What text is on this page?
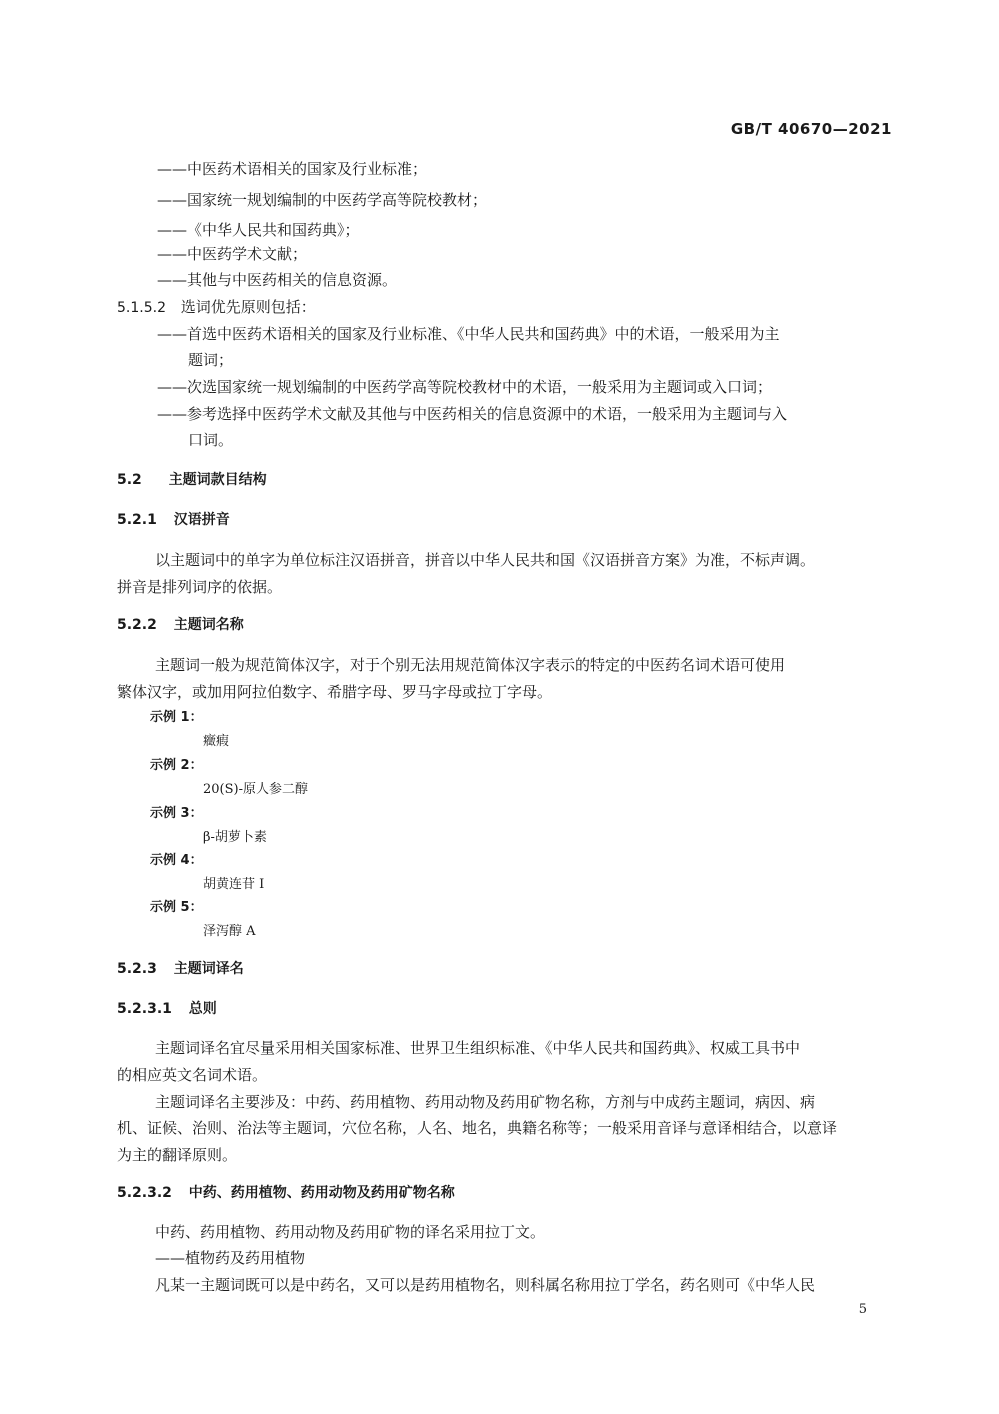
GB/T 40670—2021
——中医药术语相关的国家及行业标准；
——国家统一规划编制的中医药学高等院校教材；
——《中华人民共和国药典》；
——中医药学术文献；
——其他与中医药相关的信息资源。
5.1.5.2 选词优先原则包括：
——首选中医药术语相关的国家及行业标准、《中华人民共和国药典》中的术语，一般采用为主
题词；
——次选国家统一规划编制的中医药学高等院校教材中的术语，一般采用为主题词或入口词；
——参考选择中医药学术文献及其他与中医药相关的信息资源中的术语，一般采用为主题词与入
口词。
5.2 主题词款目结构
5.2.1 汉语拼音
以主题词中的单字为单位标注汉语拼音，拼音以中华人民共和国《汉语拼音方案》为准，不标声调。
拼音是排列词序的依据。
5.2.2 主题词名称
主题词一般为规范简体汉字，对于个别无法用规范简体汉字表示的特定的中医药名词术语可使用
繁体汉字，或加用阿拉伯数字、希腊字母、罗马字母或拉丁字母。
示例 1：
癥瘕
示例 2：
20(S)-原人参二醇
示例 3：
β-胡萝卜素
示例 4：
胡黄连苷 I
示例 5：
泽泻醇 A
5.2.3 主题词译名
5.2.3.1 总则
主题词译名宜尽量采用相关国家标准、世界卫生组织标准、《中华人民共和国药典》、权威工具书中
的相应英文名词术语。
主题词译名主要涉及：中药、药用植物、药用动物及药用矿物名称，方剂与中成药主题词，病因、病
机、证候、治则、治法等主题词，穴位名称，人名、地名，典籍名称等；一般采用音译与意译相结合，以意译
为主的翻译原则。
5.2.3.2 中药、药用植物、药用动物及药用矿物名称
中药、药用植物、药用动物及药用矿物的译名采用拉丁文。
——植物药及药用植物
凡某一主题词既可以是中药名，又可以是药用植物名，则科属名称用拉丁学名，药名则可《中华人民
5
